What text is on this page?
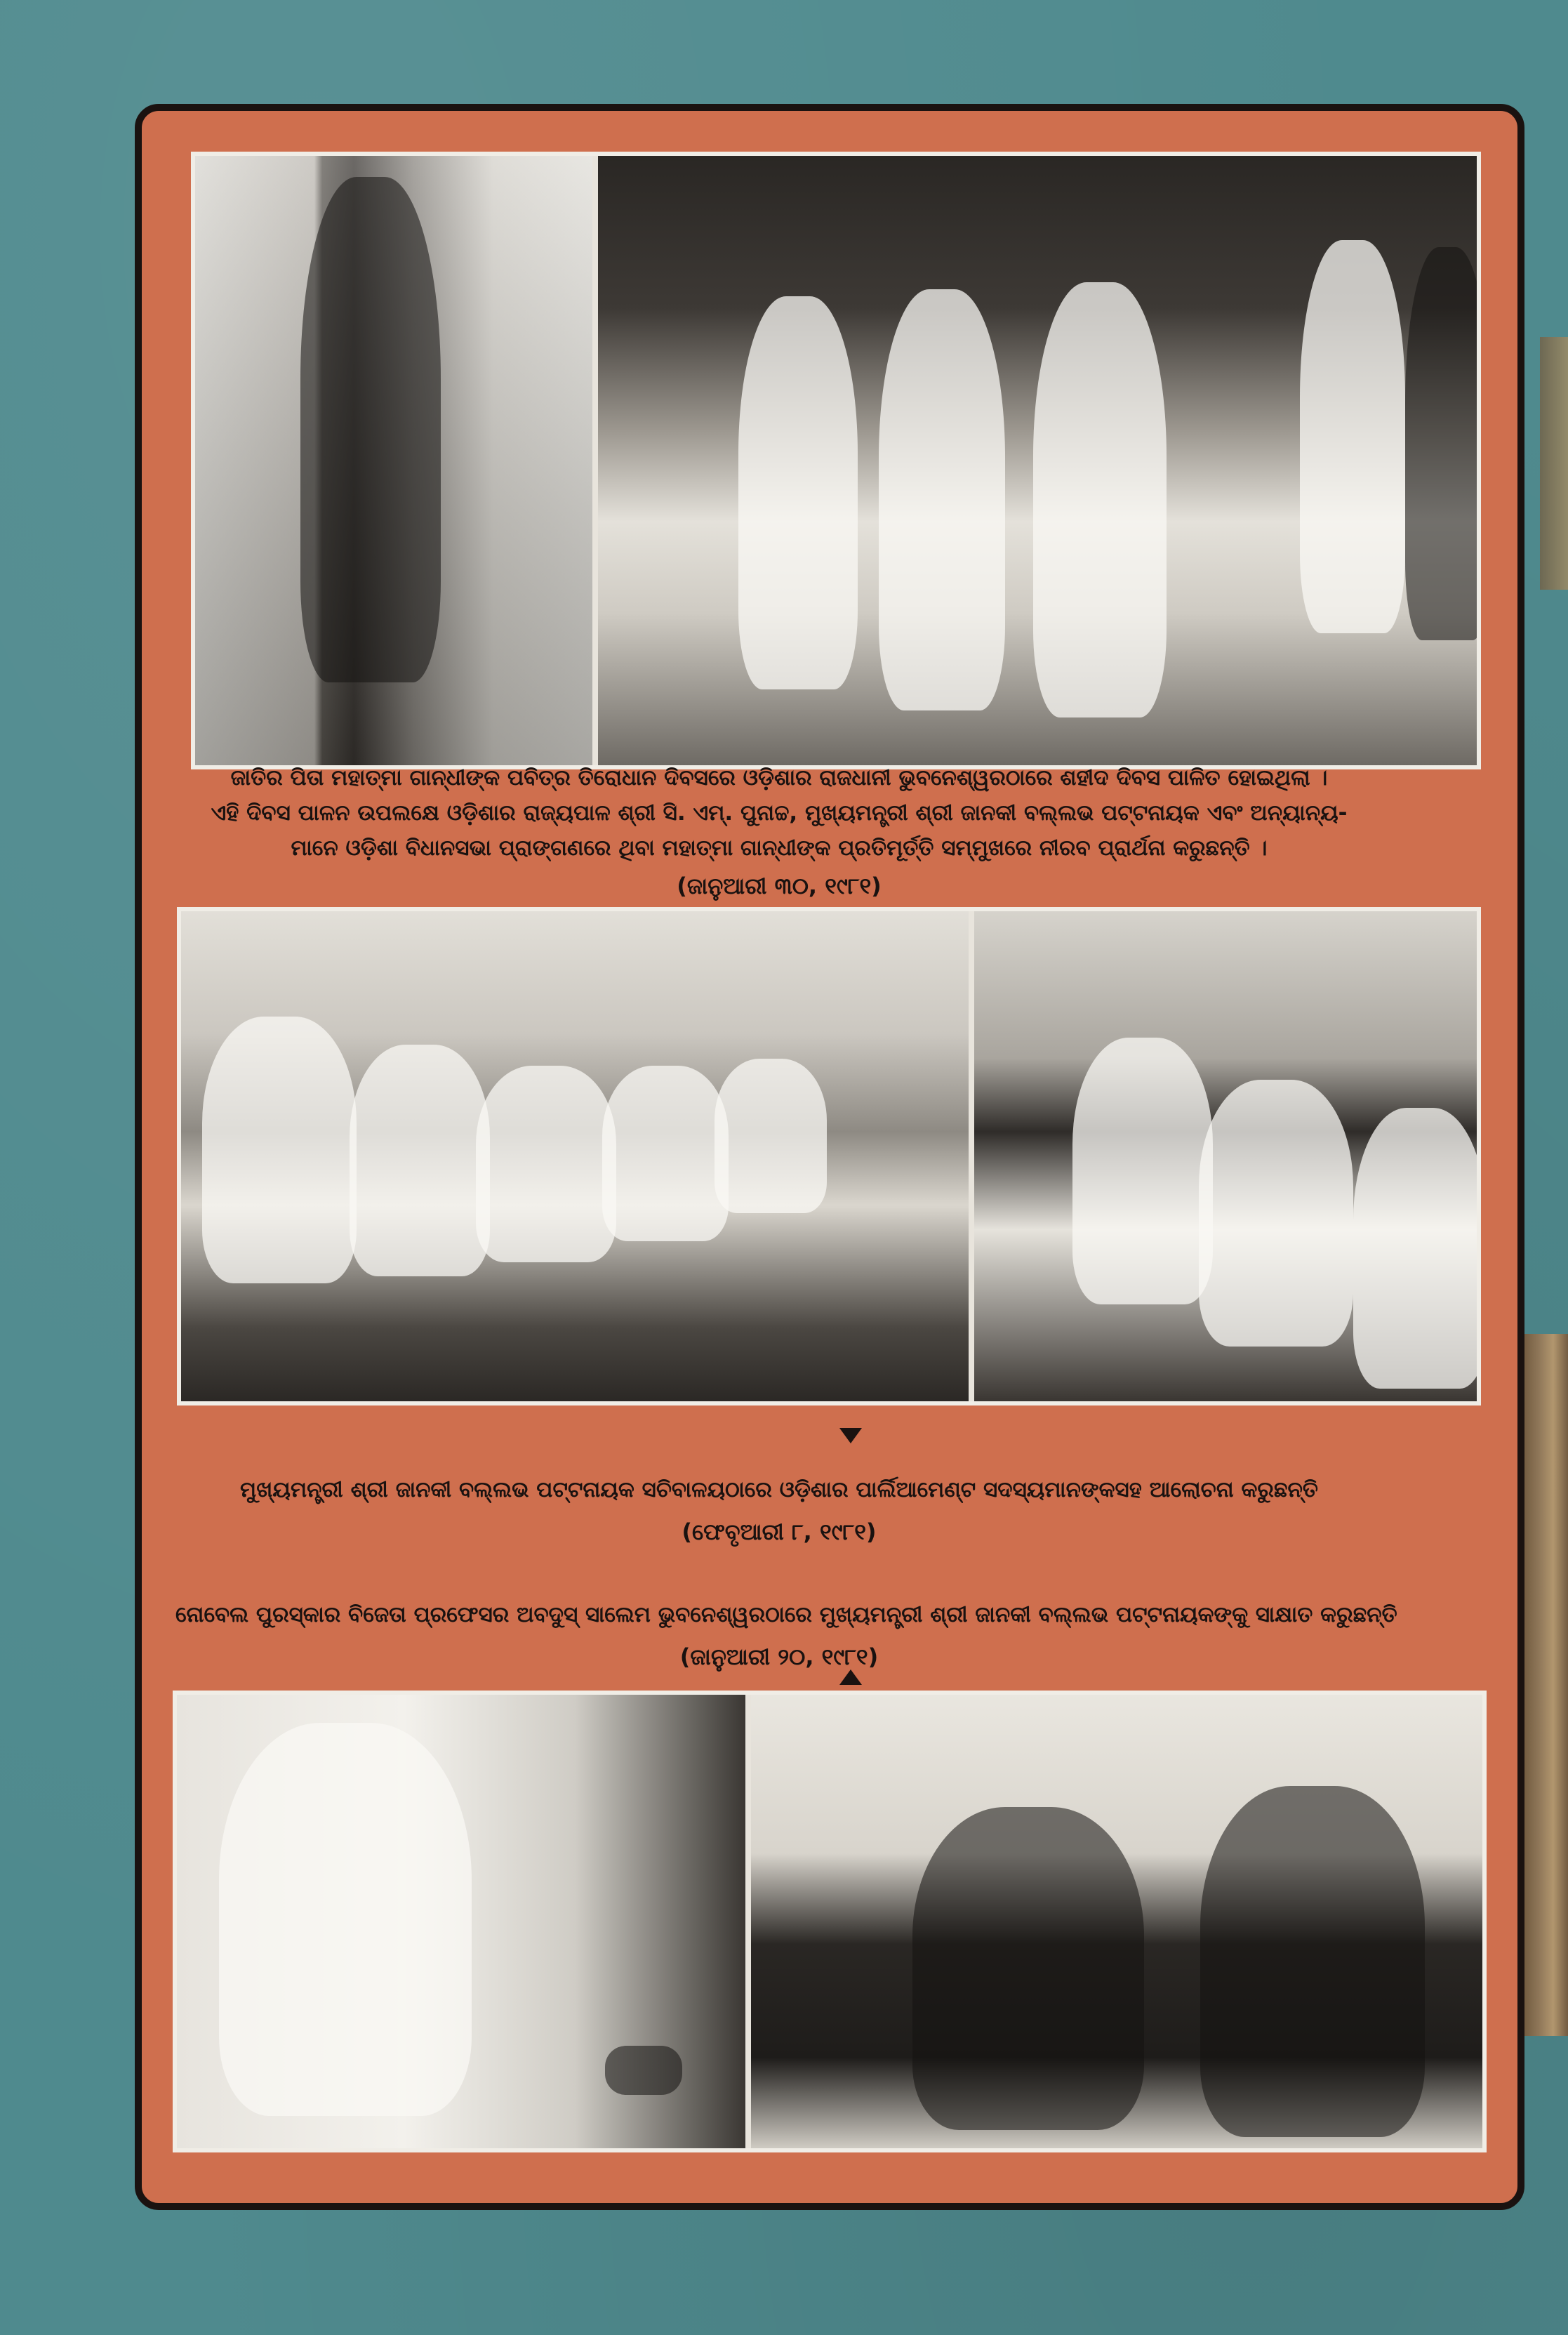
ଜାତିର ପିତା ମହାତ୍ମା ଗାନ୍ଧୀଙ୍କ ପବିତ୍ର ତିରୋଧାନ ଦିବସରେ ଓଡ଼ିଶାର ରାଜଧାନୀ ଭୁବନେଶ୍ୱରଠାରେ ଶହୀଦ ଦିବସ ପାଳିତ ହୋଇଥିଲା ।
ଏହି ଦିବସ ପାଳନ ଉପଲକ୍ଷେ ଓଡ଼ିଶାର ରାଜ୍ୟପାଳ ଶ୍ରୀ ସି. ଏମ୍. ପୁନାଚ୍ଚ, ମୁଖ୍ୟମନ୍ତ୍ରୀ ଶ୍ରୀ ଜାନକୀ ବଲ୍ଲଭ ପଟ୍ଟନାୟକ ଏବଂ ଅନ୍ୟାନ୍ୟ-
ମାନେ ଓଡ଼ିଶା ବିଧାନସଭା ପ୍ରାଙ୍ଗଣରେ ଥିବା ମହାତ୍ମା ଗାନ୍ଧୀଙ୍କ ପ୍ରତିମୂର୍ତ୍ତି ସମ୍ମୁଖରେ ନୀରବ ପ୍ରାର୍ଥନା କରୁଛନ୍ତି ।
(ଜାନୁଆରୀ ୩୦, ୧୯୮୧)
ମୁଖ୍ୟମନ୍ତ୍ରୀ ଶ୍ରୀ ଜାନକୀ ବଲ୍ଲଭ ପଟ୍ଟନାୟକ ସଚିବାଳୟଠାରେ ଓଡ଼ିଶାର ପାର୍ଲିଆମେଣ୍ଟ ସଦସ୍ୟମାନଙ୍କସହ ଆଲୋଚନା କରୁଛନ୍ତି
(ଫେବୃଆରୀ ୮, ୧୯୮୧)
ନୋବେଲ ପୁରସ୍କାର ବିଜେତା ପ୍ରଫେସର ଅବଦୁସ୍ ସାଲେମ ଭୁବନେଶ୍ୱରଠାରେ ମୁଖ୍ୟମନ୍ତ୍ରୀ ଶ୍ରୀ ଜାନକୀ ବଲ୍ଲଭ ପଟ୍ଟନାୟକଙ୍କୁ ସାକ୍ଷାତ କରୁଛନ୍ତି
(ଜାନୁଆରୀ ୨୦, ୧୯୮୧)
